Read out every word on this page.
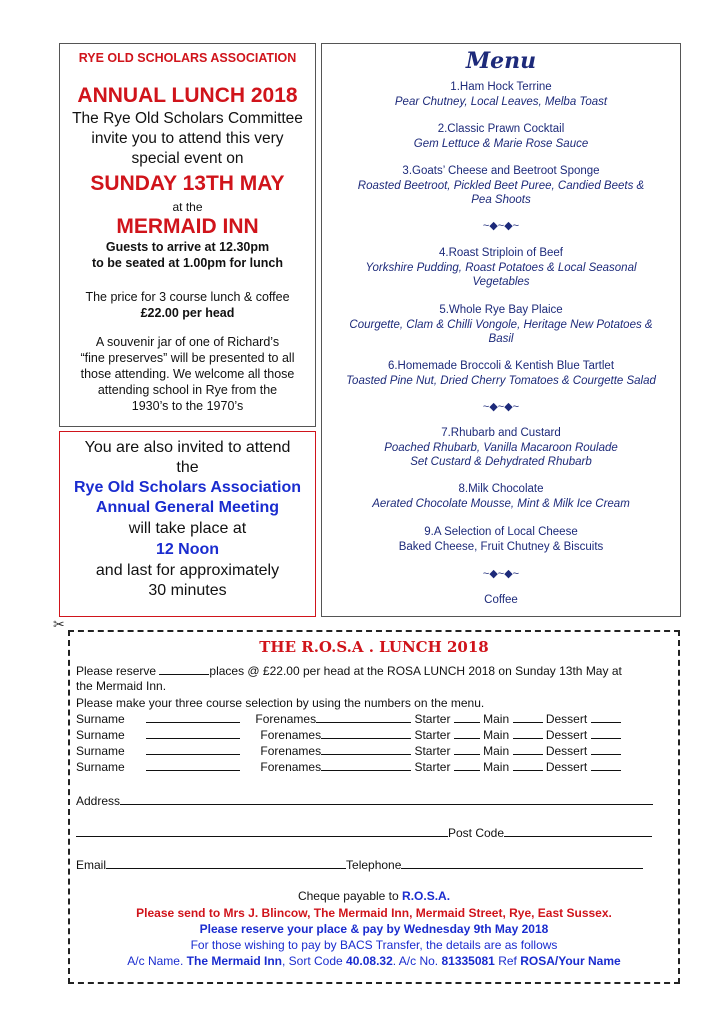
RYE OLD SCHOLARS ASSOCIATION
ANNUAL LUNCH 2018
The Rye Old Scholars Committee
invite you to attend this very
special event on
SUNDAY 13TH MAY
at the
MERMAID INN
Guests to arrive at 12.30pm
to be seated at 1.00pm for lunch
The price for 3 course lunch & coffee
£22.00 per head
A souvenir jar of one of Richard’s
“fine preserves” will be presented to all
those attending. We welcome all those
attending school in Rye from the
1930’s to the 1970’s
You are also invited to attend
the
Rye Old Scholars Association
Annual General Meeting
will take place at
12 Noon
and last for approximately
30 minutes
Menu
1.Ham Hock Terrine
Pear Chutney, Local Leaves, Melba Toast
2.Classic Prawn Cocktail
Gem Lettuce & Marie Rose Sauce
3.Goats’ Cheese and Beetroot Sponge
Roasted Beetroot, Pickled Beet Puree, Candied Beets &
Pea Shoots
~◆~◆~
4.Roast Striploin of Beef
Yorkshire Pudding, Roast Potatoes & Local Seasonal
Vegetables
5.Whole Rye Bay Plaice
Courgette, Clam & Chilli Vongole, Heritage New Potatoes &
Basil
6.Homemade Broccoli & Kentish Blue Tartlet
Toasted Pine Nut, Dried Cherry Tomatoes & Courgette Salad
~◆~◆~
7.Rhubarb and Custard
Poached Rhubarb, Vanilla Macaroon Roulade
Set Custard & Dehydrated Rhubarb
8.Milk Chocolate
Aerated Chocolate Mousse, Mint & Milk Ice Cream
9.A Selection of Local Cheese
Baked Cheese, Fruit Chutney & Biscuits
~◆~◆~
Coffee
✂
THE R.O.S.A . LUNCH 2018
Please reserve	places @ £22.00 per head at the ROSA LUNCH 2018 on Sunday 13th May at
the Mermaid Inn.
Please make your three course selection by using the numbers on the menu.
Surname	Forenames	Starter	Main	Dessert
Surname	Forenames	Starter	Main	Dessert
Surname	Forenames	Starter	Main	Dessert
Surname	Forenames	Starter	Main	Dessert
Address
Post Code
Email	Telephone
Cheque payable to R.O.S.A.
Please send to Mrs J. Blincow, The Mermaid Inn, Mermaid Street, Rye, East Sussex.
Please reserve your place & pay by Wednesday 9th May 2018
For those wishing to pay by BACS Transfer, the details are as follows
A/c Name. The Mermaid Inn, Sort Code 40.08.32. A/c No. 81335081 Ref ROSA/Your Name
